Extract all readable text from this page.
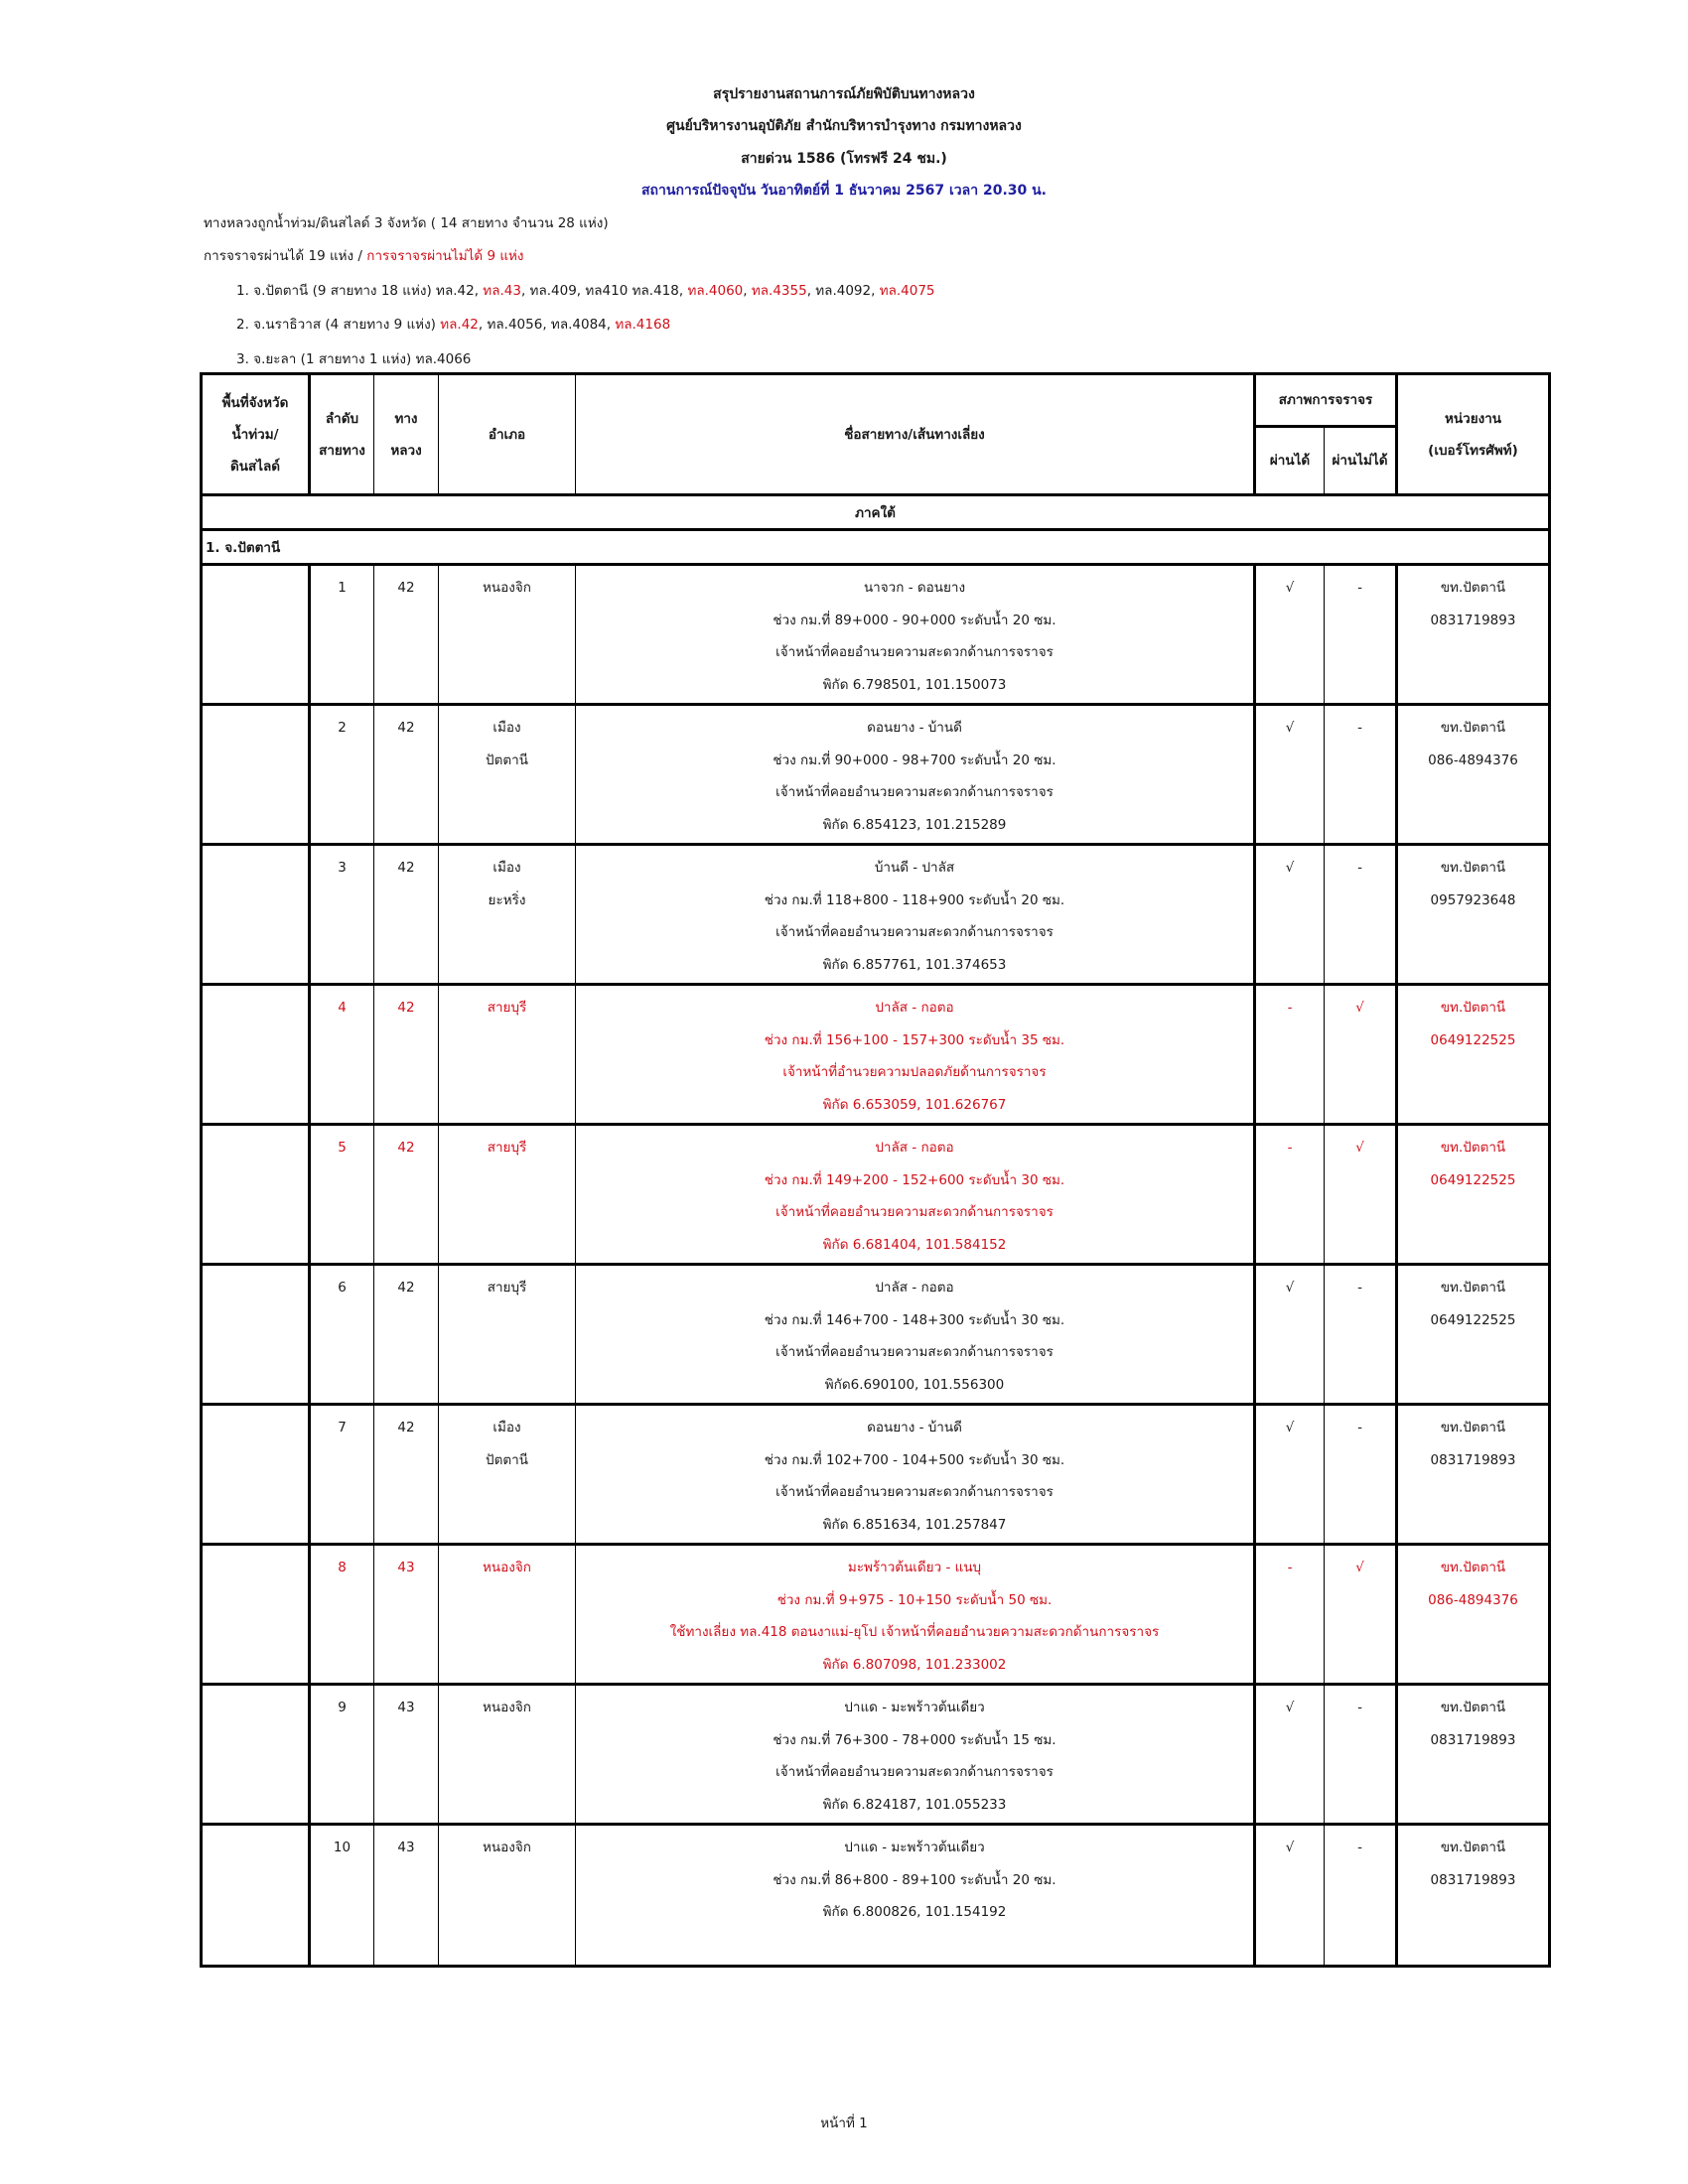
สรุปรายงานสถานการณ์ภัยพิบัติบนทางหลวง
ศูนย์บริหารงานอุบัติภัย สำนักบริหารบำรุงทาง กรมทางหลวง
สายด่วน 1586 (โทรฟรี 24 ชม.)
สถานการณ์ปัจจุบัน วันอาทิตย์ที่ 1 ธันวาคม 2567 เวลา 20.30 น.
ทางหลวงถูกน้ำท่วม/ดินสไลด์ 3 จังหวัด ( 14 สายทาง จำนวน 28 แห่ง)
การจราจรผ่านได้ 19 แห่ง / การจราจรผ่านไม่ได้ 9 แห่ง
1. จ.ปัตตานี (9 สายทาง 18 แห่ง) ทล.42, ทล.43, ทล.409, ทล410 ทล.418, ทล.4060, ทล.4355, ทล.4092, ทล.4075
2. จ.นราธิวาส (4 สายทาง 9 แห่ง) ทล.42, ทล.4056, ทล.4084, ทล.4168
3. จ.ยะลา (1 สายทาง 1 แห่ง) ทล.4066
พื้นที่จังหวัด
น้ำท่วม/
ดินสไลด์	ลำดับ
สายทาง	ทาง
หลวง	อำเภอ	ชื่อสายทาง/เส้นทางเลี่ยง	สภาพการจราจร		หน่วยงาน
(เบอร์โทรศัพท์)

					ผ่านได้	ผ่านไม่ได้	
ภาคใต้							
1. จ.ปัตตานี							

	1	42	หนองจิก	นาจวก - ดอนยาง
ช่วง กม.ที่ 89+000 - 90+000 ระดับน้ำ 20 ซม.
เจ้าหน้าที่คอยอำนวยความสะดวกด้านการจราจร
พิกัด 6.798501, 101.150073	√	-	ขท.ปัตตานี
0831719893

	2	42	เมือง
ปัตตานี	ดอนยาง - บ้านดี
ช่วง กม.ที่ 90+000 - 98+700 ระดับน้ำ 20 ซม.
เจ้าหน้าที่คอยอำนวยความสะดวกด้านการจราจร
พิกัด 6.854123, 101.215289	√	-	ขท.ปัตตานี
086-4894376

	3	42	เมือง
ยะหริ่ง	บ้านดี - ปาลัส
ช่วง กม.ที่ 118+800 - 118+900 ระดับน้ำ 20 ซม.
เจ้าหน้าที่คอยอำนวยความสะดวกด้านการจราจร
พิกัด 6.857761, 101.374653	√	-	ขท.ปัตตานี
0957923648

	4	42	สายบุรี	ปาลัส - กอตอ
ช่วง กม.ที่ 156+100 - 157+300 ระดับน้ำ 35 ซม.
เจ้าหน้าที่อำนวยความปลอดภัยด้านการจราจร
พิกัด 6.653059, 101.626767	-	√	ขท.ปัตตานี
0649122525

	5	42	สายบุรี	ปาลัส - กอตอ
ช่วง กม.ที่ 149+200 - 152+600 ระดับน้ำ 30 ซม.
เจ้าหน้าที่คอยอำนวยความสะดวกด้านการจราจร
พิกัด 6.681404, 101.584152	-	√	ขท.ปัตตานี
0649122525

	6	42	สายบุรี	ปาลัส - กอตอ
ช่วง กม.ที่ 146+700 - 148+300 ระดับน้ำ 30 ซม.
เจ้าหน้าที่คอยอำนวยความสะดวกด้านการจราจร
พิกัด6.690100, 101.556300	√	-	ขท.ปัตตานี
0649122525

	7	42	เมือง
ปัตตานี	ดอนยาง - บ้านดี
ช่วง กม.ที่ 102+700 - 104+500 ระดับน้ำ 30 ซม.
เจ้าหน้าที่คอยอำนวยความสะดวกด้านการจราจร
พิกัด 6.851634, 101.257847	√	-	ขท.ปัตตานี
0831719893

	8	43	หนองจิก	มะพร้าวต้นเดียว - แนบุ
ช่วง กม.ที่ 9+975 - 10+150 ระดับน้ำ 50 ซม.
ใช้ทางเลี่ยง ทล.418 ตอนงาแม่-ยุโป เจ้าหน้าที่คอยอำนวยความสะดวกด้านการจราจร
พิกัด 6.807098, 101.233002	-	√	ขท.ปัตตานี
086-4894376

	9	43	หนองจิก	ปาแด - มะพร้าวต้นเดียว
ช่วง กม.ที่ 76+300 - 78+000 ระดับน้ำ 15 ซม.
เจ้าหน้าที่คอยอำนวยความสะดวกด้านการจราจร
พิกัด 6.824187, 101.055233	√	-	ขท.ปัตตานี
0831719893

	10	43	หนองจิก	ปาแด - มะพร้าวต้นเดียว
ช่วง กม.ที่ 86+800 - 89+100 ระดับน้ำ 20 ซม.
พิกัด 6.800826, 101.154192	√	-	ขท.ปัตตานี
0831719893
หน้าที่ 1
